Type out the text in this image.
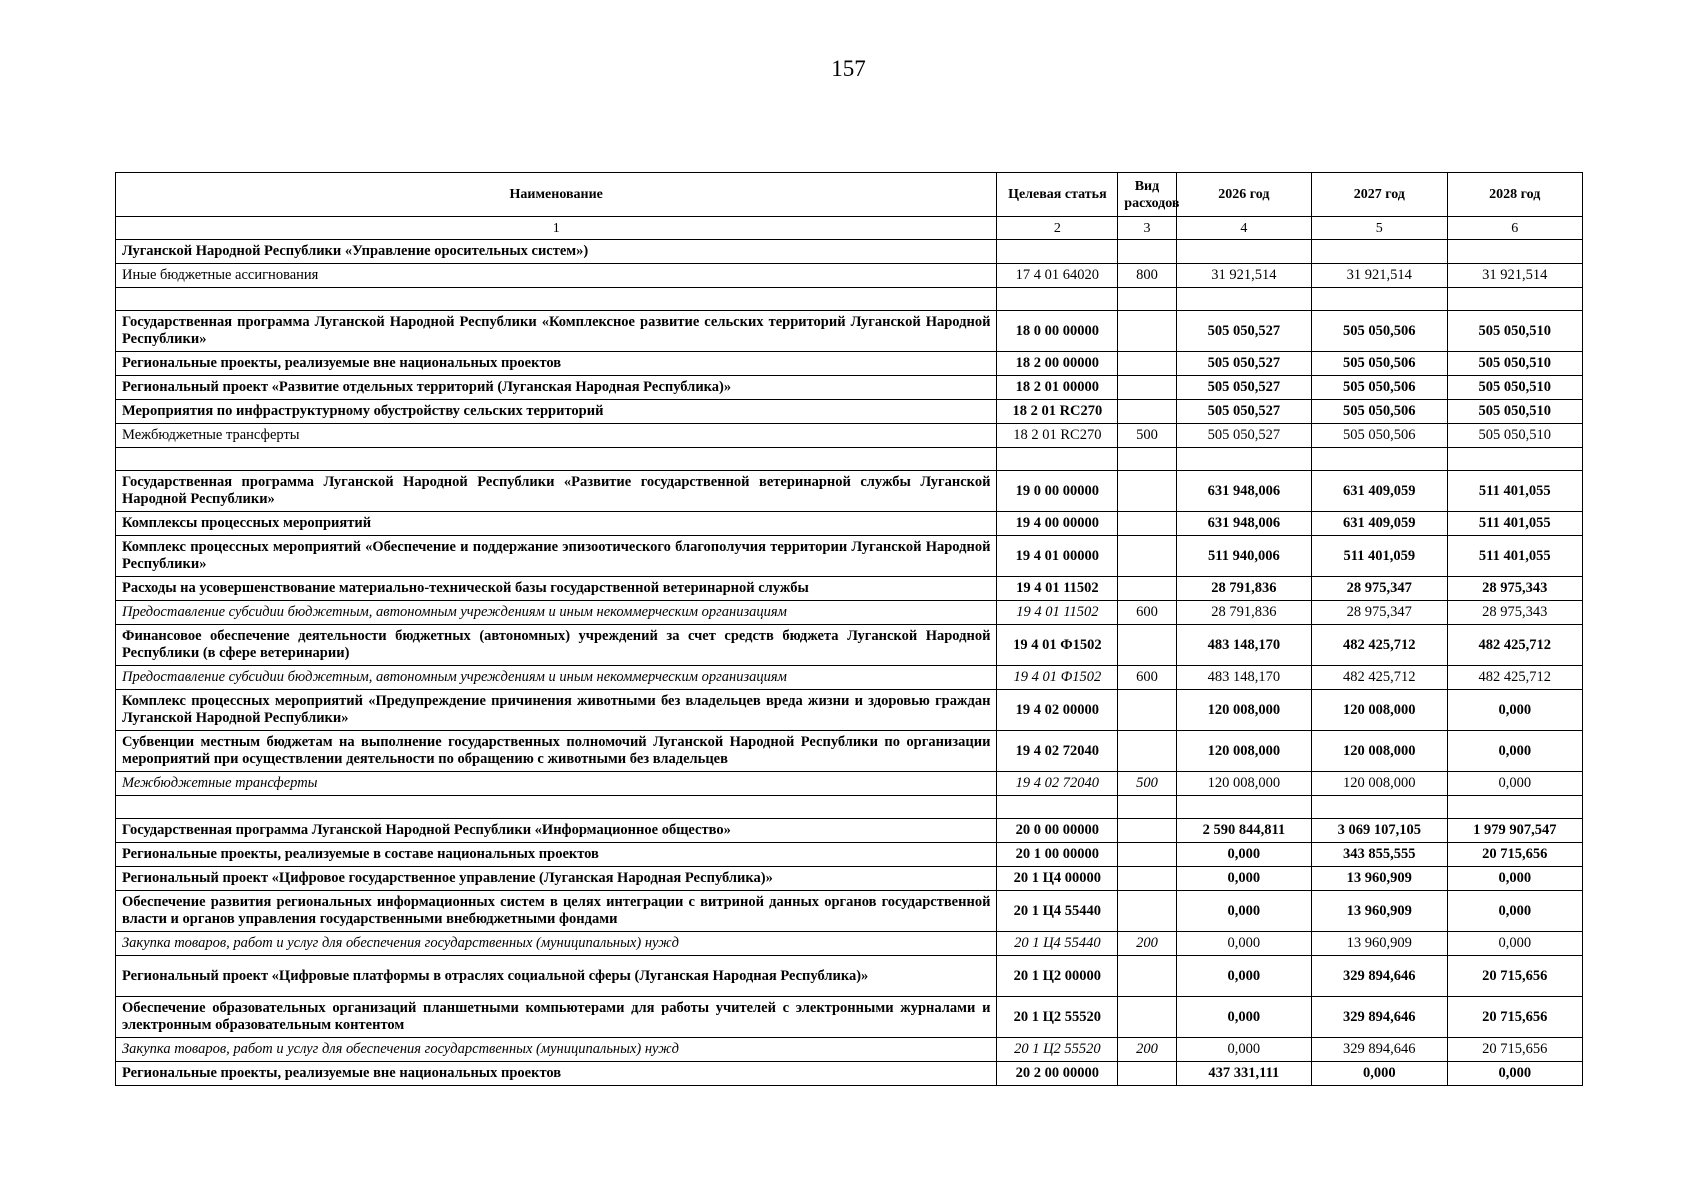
157
Наименование	Целевая статья	Вид расходов	2026 год	2027 год	2028 год
1	2	3	4	5	6
Луганской Народной Республики «Управление оросительных систем»)					
Иные бюджетные ассигнования	17 4 01 64020	800	31 921,514	31 921,514	31 921,514

Государственная программа Луганской Народной Республики «Комплексное развитие сельских территорий Луганской Народной Республики»	18 0 00 00000		505 050,527	505 050,506	505 050,510
Региональные проекты, реализуемые вне национальных проектов	18 2 00 00000		505 050,527	505 050,506	505 050,510
Региональный проект «Развитие отдельных территорий (Луганская Народная Республика)»	18 2 01 00000		505 050,527	505 050,506	505 050,510
Мероприятия по инфраструктурному обустройству сельских территорий	18 2 01 RC270		505 050,527	505 050,506	505 050,510
Межбюджетные трансферты	18 2 01 RC270	500	505 050,527	505 050,506	505 050,510

Государственная программа Луганской Народной Республики «Развитие государственной ветеринарной службы Луганской Народной Республики»	19 0 00 00000		631 948,006	631 409,059	511 401,055
Комплексы процессных мероприятий	19 4 00 00000		631 948,006	631 409,059	511 401,055
Комплекс процессных мероприятий «Обеспечение и поддержание эпизоотического благополучия территории Луганской Народной Республики»	19 4 01 00000		511 940,006	511 401,059	511 401,055
Расходы на усовершенствование материально-технической базы государственной ветеринарной службы	19 4 01 11502		28 791,836	28 975,347	28 975,343
Предоставление субсидии бюджетным, автономным учреждениям и иным некоммерческим организациям	19 4 01 11502	600	28 791,836	28 975,347	28 975,343
Финансовое обеспечение деятельности бюджетных (автономных) учреждений за счет средств бюджета Луганской Народной Республики (в сфере ветеринарии)	19 4 01 Ф1502		483 148,170	482 425,712	482 425,712
Предоставление субсидии бюджетным, автономным учреждениям и иным некоммерческим организациям	19 4 01 Ф1502	600	483 148,170	482 425,712	482 425,712
Комплекс процессных мероприятий «Предупреждение причинения животными без владельцев вреда жизни и здоровью граждан Луганской Народной Республики»	19 4 02 00000		120 008,000	120 008,000	0,000
Субвенции местным бюджетам на выполнение государственных полномочий Луганской Народной Республики по организации мероприятий при осуществлении деятельности по обращению с животными без владельцев	19 4 02 72040		120 008,000	120 008,000	0,000
Межбюджетные трансферты	19 4 02 72040	500	120 008,000	120 008,000	0,000

Государственная программа Луганской Народной Республики «Информационное общество»	20 0 00 00000		2 590 844,811	3 069 107,105	1 979 907,547
Региональные проекты, реализуемые в составе национальных проектов	20 1 00 00000		0,000	343 855,555	20 715,656
Региональный проект «Цифровое государственное управление (Луганская Народная Республика)»	20 1 Ц4 00000		0,000	13 960,909	0,000
Обеспечение развития региональных информационных систем в целях интеграции с витриной данных органов государственной власти и органов управления государственными внебюджетными фондами	20 1 Ц4 55440		0,000	13 960,909	0,000
Закупка товаров, работ и услуг для обеспечения государственных (муниципальных) нужд	20 1 Ц4 55440	200	0,000	13 960,909	0,000
Региональный проект «Цифровые платформы в отраслях социальной сферы (Луганская Народная Республика)»	20 1 Ц2 00000		0,000	329 894,646	20 715,656
Обеспечение образовательных организаций планшетными компьютерами для работы учителей с электронными журналами и электронным образовательным контентом	20 1 Ц2 55520		0,000	329 894,646	20 715,656
Закупка товаров, работ и услуг для обеспечения государственных (муниципальных) нужд	20 1 Ц2 55520	200	0,000	329 894,646	20 715,656
Региональные проекты, реализуемые вне национальных проектов	20 2 00 00000		437 331,111	0,000	0,000
